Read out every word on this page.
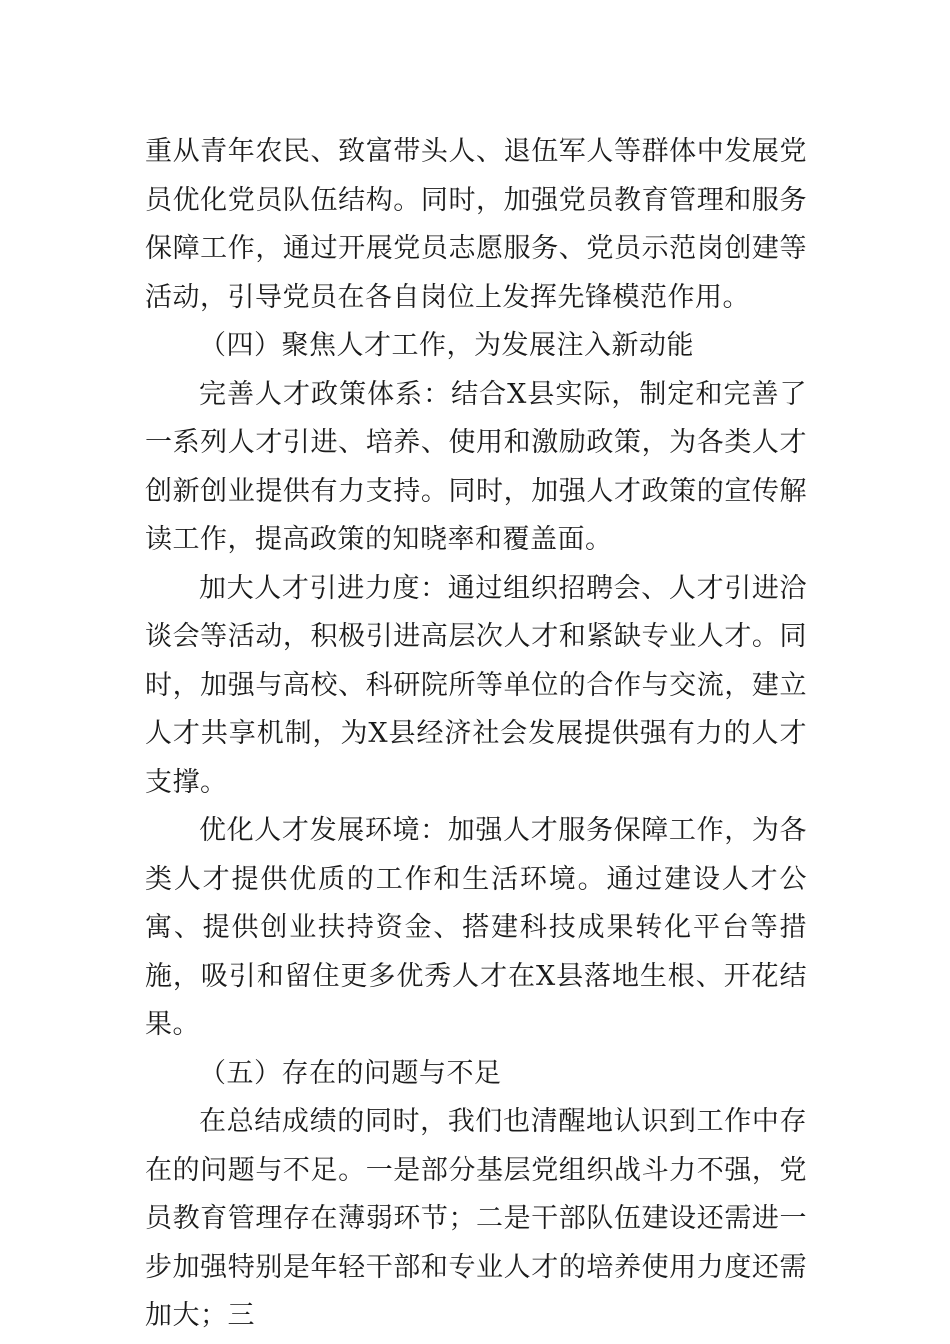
重从青年农民、致富带头人、退伍军人等群体中发展党员优化党员队伍结构。同时，加强党员教育管理和服务保障工作，通过开展党员志愿服务、党员示范岗创建等活动，引导党员在各自岗位上发挥先锋模范作用。

（四）聚焦人才工作，为发展注入新动能

完善人才政策体系：结合X县实际，制定和完善了一系列人才引进、培养、使用和激励政策，为各类人才创新创业提供有力支持。同时，加强人才政策的宣传解读工作，提高政策的知晓率和覆盖面。

加大人才引进力度：通过组织招聘会、人才引进洽谈会等活动，积极引进高层次人才和紧缺专业人才。同时，加强与高校、科研院所等单位的合作与交流，建立人才共享机制，为X县经济社会发展提供强有力的人才支撑。

优化人才发展环境：加强人才服务保障工作，为各类人才提供优质的工作和生活环境。通过建设人才公寓、提供创业扶持资金、搭建科技成果转化平台等措施，吸引和留住更多优秀人才在X县落地生根、开花结果。

（五）存在的问题与不足

在总结成绩的同时，我们也清醒地认识到工作中存在的问题与不足。一是部分基层党组织战斗力不强，党员教育管理存在薄弱环节；二是干部队伍建设还需进一步加强特别是年轻干部和专业人才的培养使用力度还需加大；三
